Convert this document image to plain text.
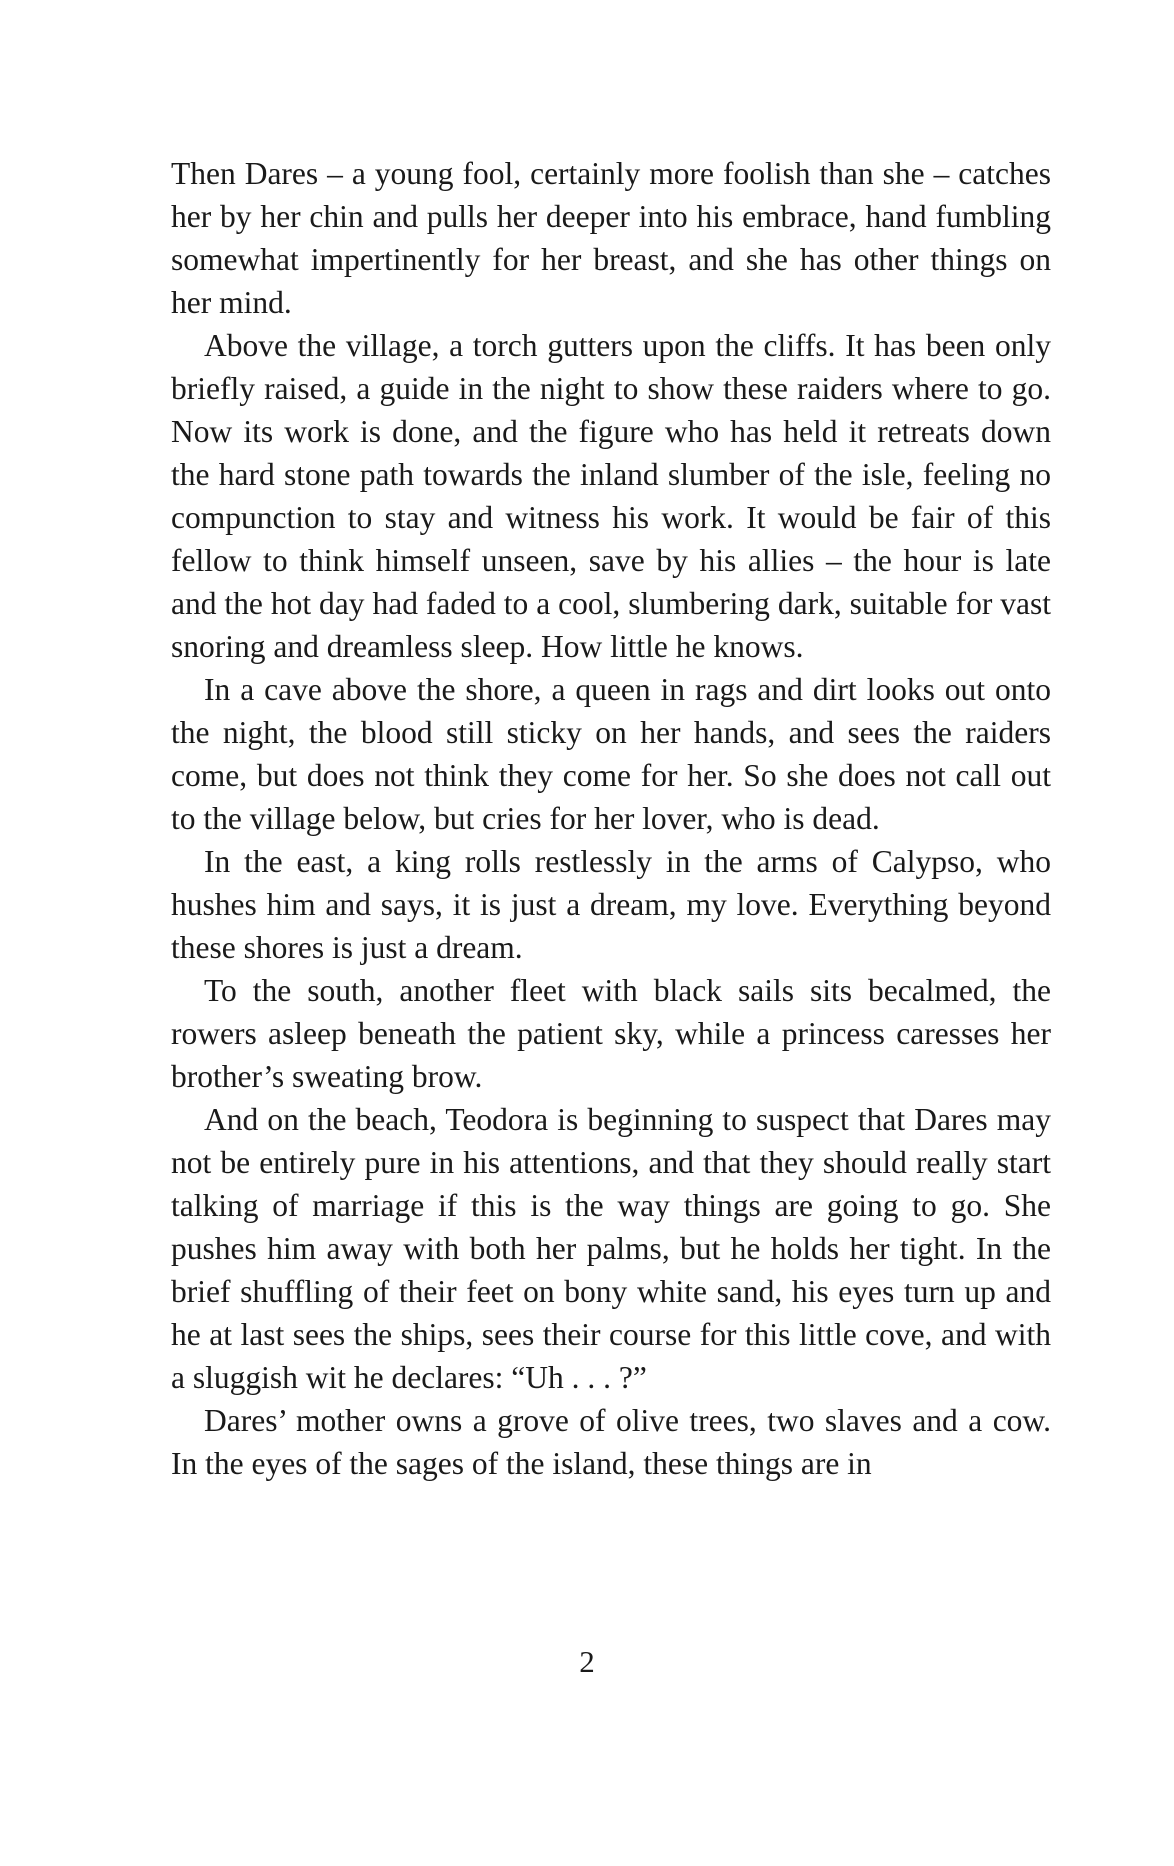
Then Dares – a young fool, certainly more foolish than she – catches her by her chin and pulls her deeper into his embrace, hand fumbling somewhat impertinently for her breast, and she has other things on her mind.

Above the village, a torch gutters upon the cliffs. It has been only briefly raised, a guide in the night to show these raiders where to go. Now its work is done, and the figure who has held it retreats down the hard stone path towards the inland slumber of the isle, feeling no compunction to stay and witness his work. It would be fair of this fellow to think himself unseen, save by his allies – the hour is late and the hot day had faded to a cool, slumbering dark, suitable for vast snoring and dreamless sleep. How little he knows.

In a cave above the shore, a queen in rags and dirt looks out onto the night, the blood still sticky on her hands, and sees the raiders come, but does not think they come for her. So she does not call out to the village below, but cries for her lover, who is dead.

In the east, a king rolls restlessly in the arms of Calypso, who hushes him and says, it is just a dream, my love. Everything beyond these shores is just a dream.

To the south, another fleet with black sails sits becalmed, the rowers asleep beneath the patient sky, while a princess caresses her brother’s sweating brow.

And on the beach, Teodora is beginning to suspect that Dares may not be entirely pure in his attentions, and that they should really start talking of marriage if this is the way things are going to go. She pushes him away with both her palms, but he holds her tight. In the brief shuffling of their feet on bony white sand, his eyes turn up and he at last sees the ships, sees their course for this little cove, and with a sluggish wit he declares: “Uh . . . ?”

Dares’ mother owns a grove of olive trees, two slaves and a cow. In the eyes of the sages of the island, these things are in

2
